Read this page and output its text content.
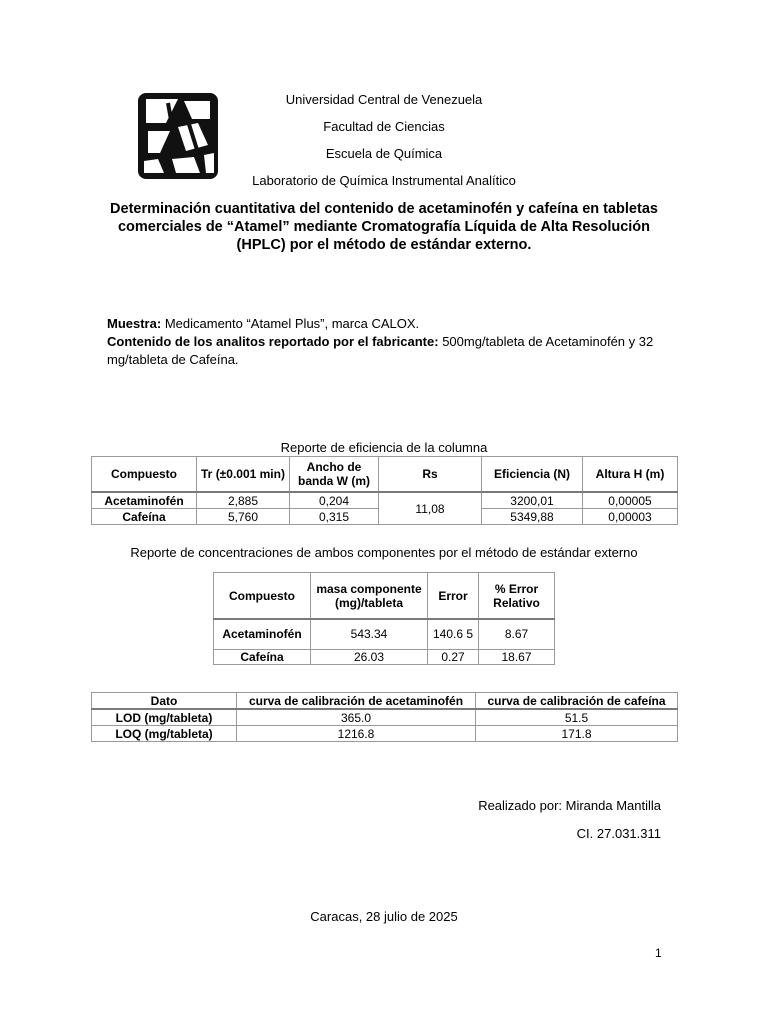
Universidad Central de Venezuela
Facultad de Ciencias
Escuela de Química
Laboratorio de Química Instrumental Analítico
Determinación cuantitativa del contenido de acetaminofén y cafeína en tabletas comerciales de “Atamel” mediante Cromatografía Líquida de Alta Resolución (HPLC) por el método de estándar externo.
Muestra: Medicamento “Atamel Plus”, marca CALOX.
Contenido de los analitos reportado por el fabricante: 500mg/tableta de Acetaminofén y 32 mg/tableta de Cafeína.
Reporte de eficiencia de la columna
Compuesto	Tr (±0.001 min)	Ancho de banda W (m)	Rs	Eficiencia (N)	Altura H (m)
Acetaminofén	2,885	0,204	11,08	3200,01	0,00005
Cafeína	5,760	0,315		5349,88	0,00003
Reporte de concentraciones de ambos componentes por el método de estándar externo
Compuesto	masa componente (mg)/tableta	Error	% Error Relativo
Acetaminofén	543.34	140.6 5	8.67
Cafeína	26.03	0.27	18.67
Dato	curva de calibración de acetaminofén	curva de calibración de cafeína
LOD (mg/tableta)	365.0	51.5
LOQ (mg/tableta)	1216.8	171.8
Realizado por: Miranda Mantilla
CI. 27.031.311
Caracas, 28 julio de 2025
1
